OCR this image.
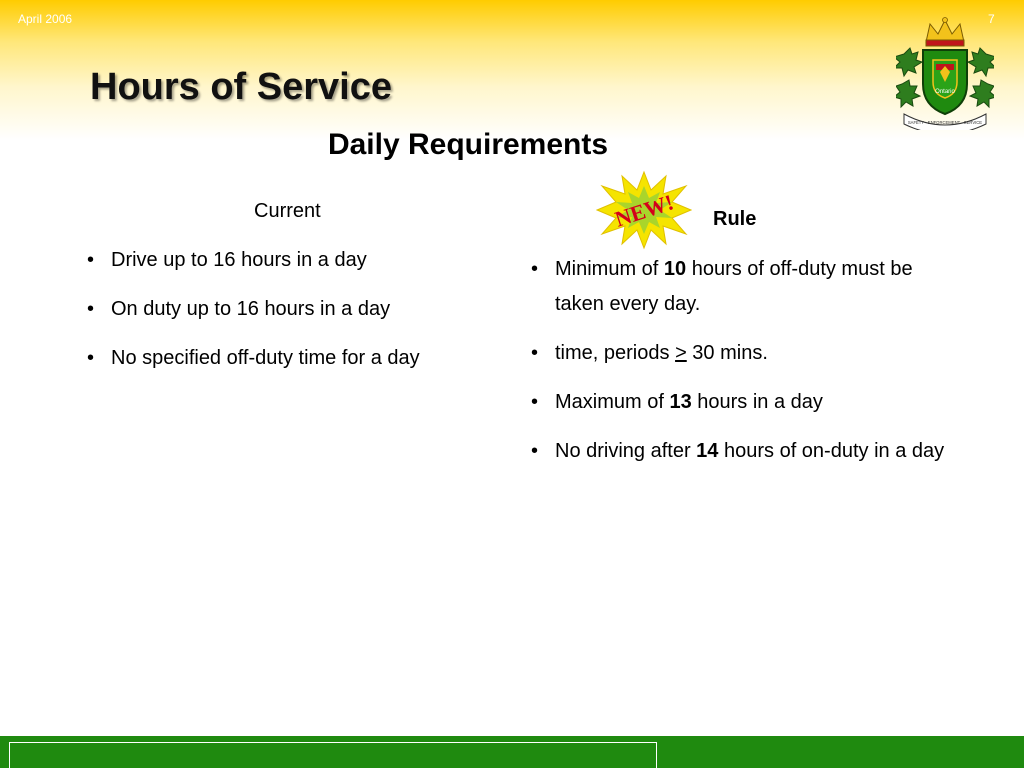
Hours of Service	Ontario
SAFETY · ENFORCEMENT · SERVICE
Daily Requirements
Current
• Drive up to 16 hours in a day
• On duty up to 16 hours in a day
• No specified off-duty time for a day
NEW! Rule
• Minimum of 10 hours of off-duty must be taken every day.
• time, periods > 30 mins.
• Maximum of 13 hours in a day
• No driving after 14 hours of on-duty in a day
April 2006	7
